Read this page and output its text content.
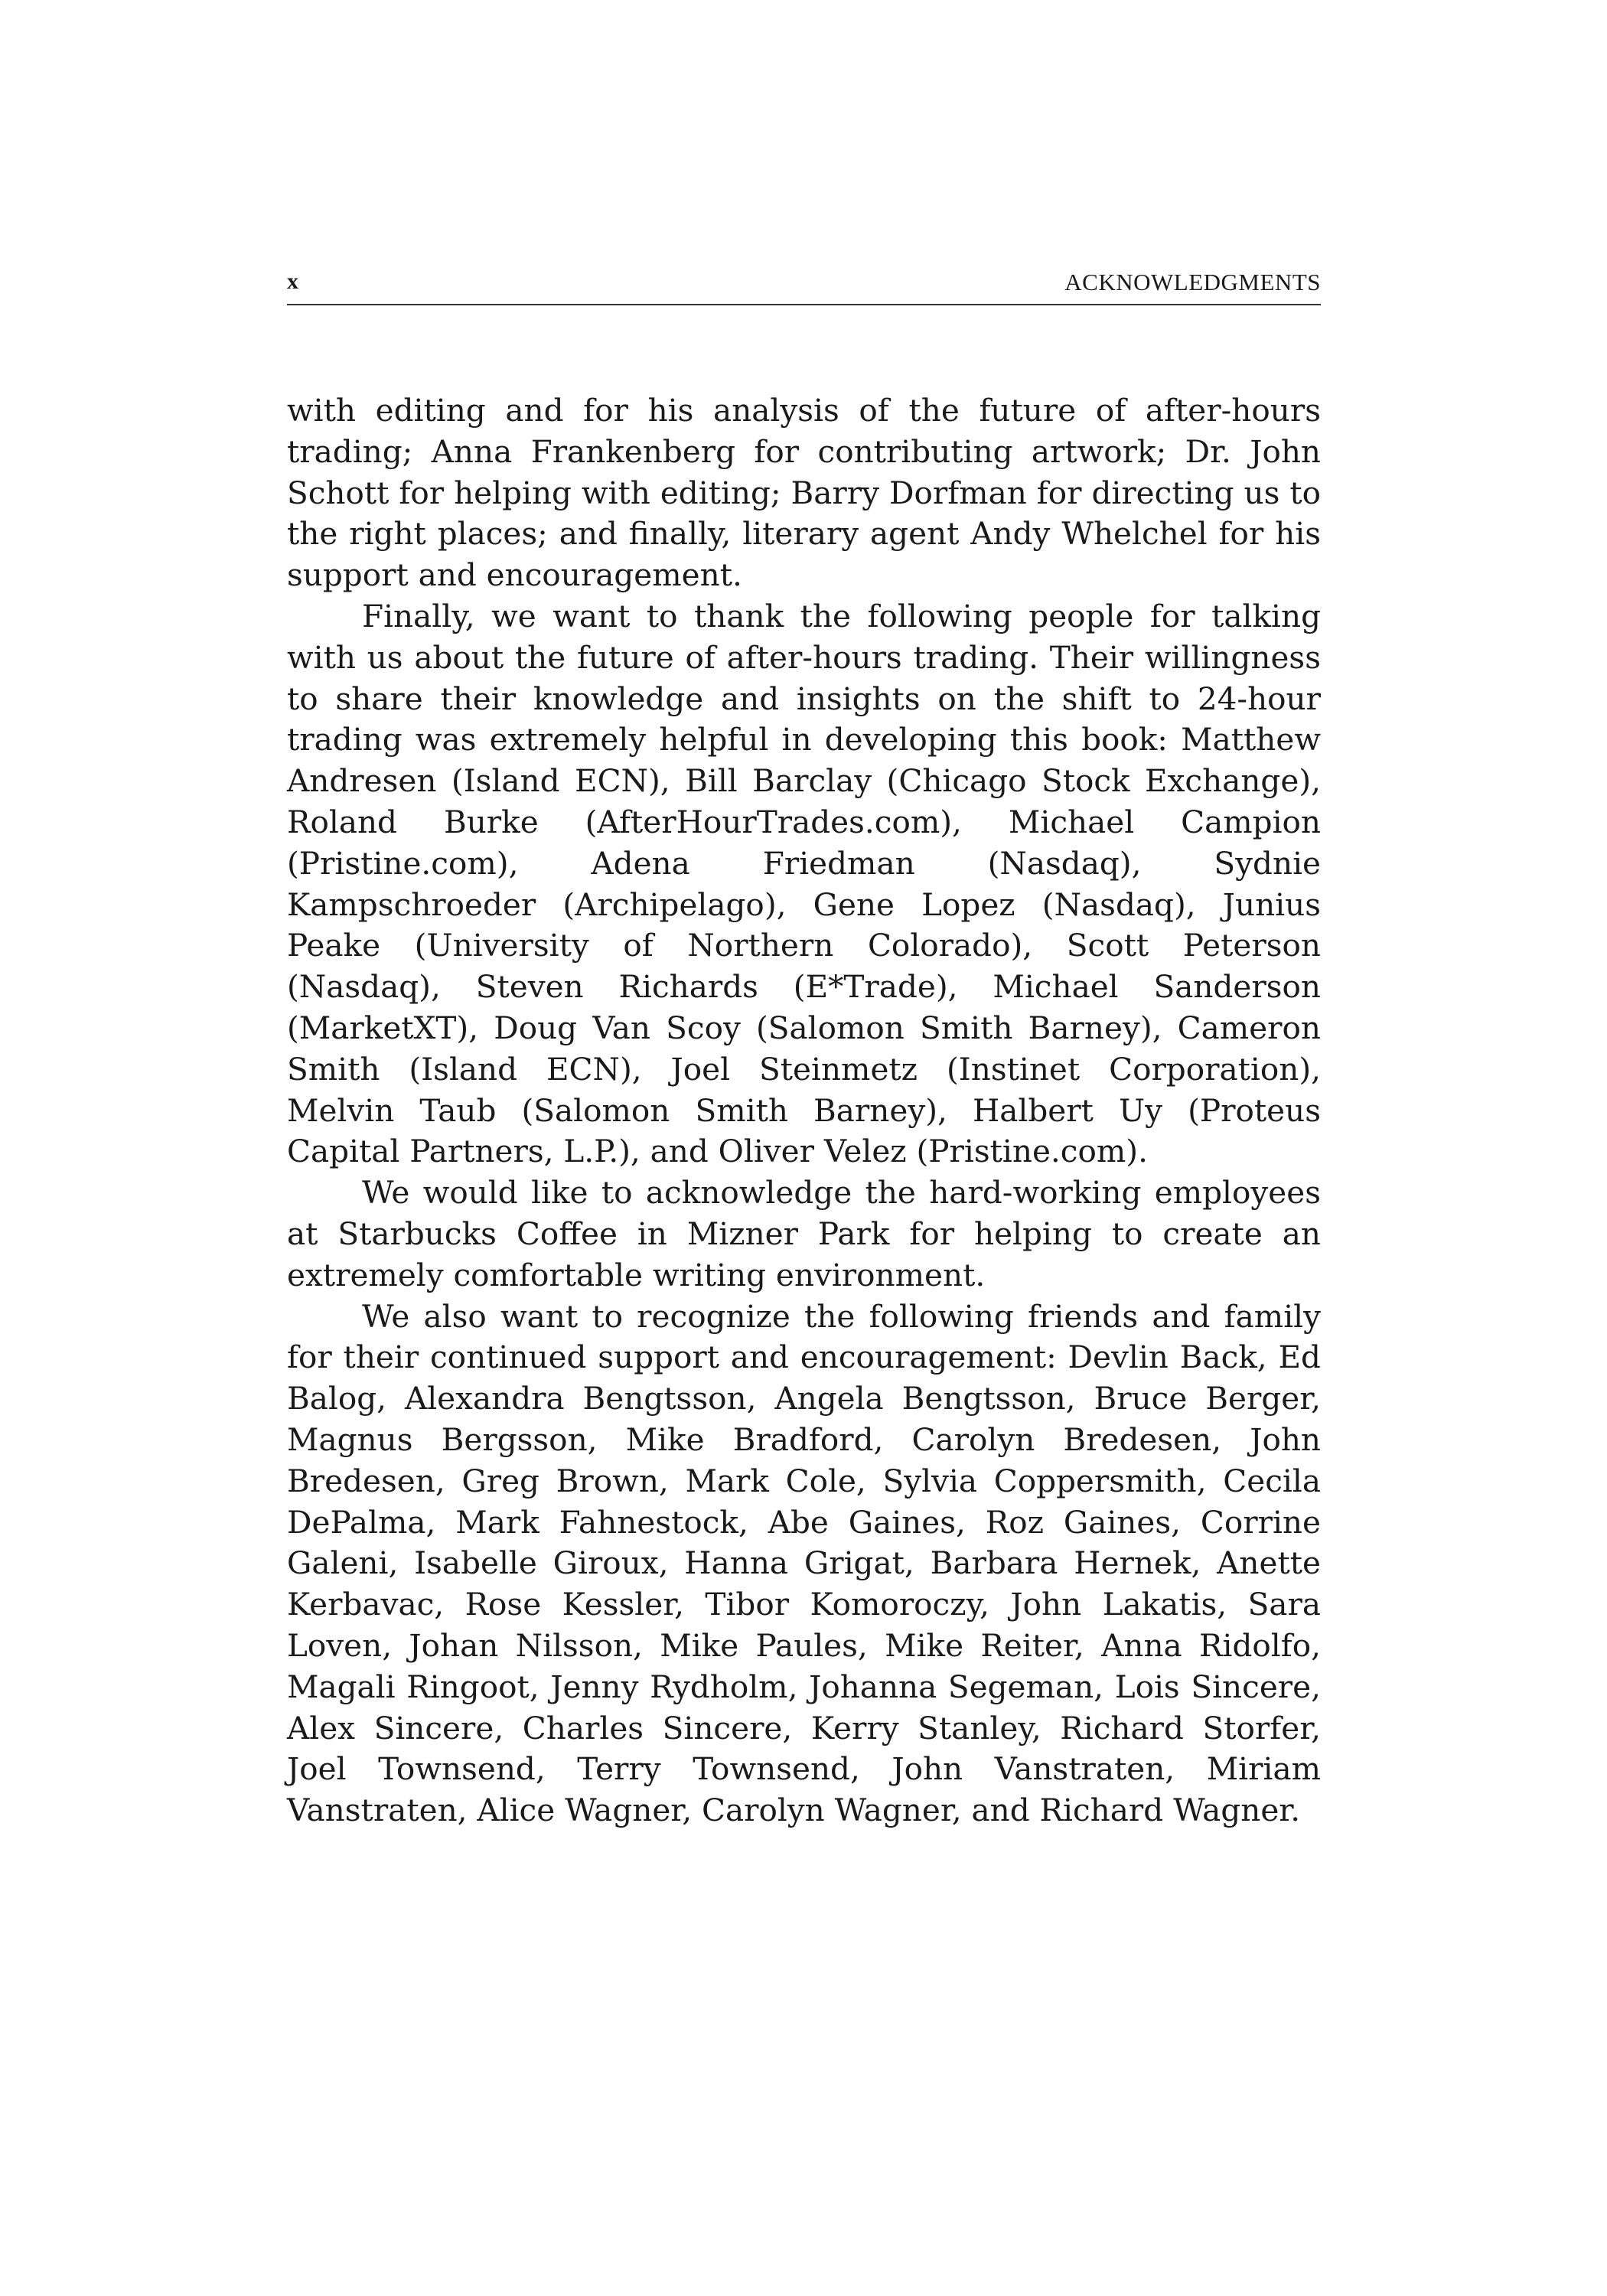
x	ACKNOWLEDGMENTS

with editing and for his analysis of the future of after-hours trading; Anna Frankenberg for contributing artwork; Dr. John Schott for helping with editing; Barry Dorfman for directing us to the right places; and finally, literary agent Andy Whelchel for his support and encouragement.

Finally, we want to thank the following people for talking with us about the future of after-hours trading. Their willingness to share their knowledge and insights on the shift to 24-hour trading was extremely helpful in developing this book: Matthew Andresen (Island ECN), Bill Barclay (Chicago Stock Exchange), Roland Burke (AfterHourTrades.com), Michael Campion (Pristine.com), Adena Friedman (Nasdaq), Sydnie Kampschroeder (Archipelago), Gene Lopez (Nasdaq), Junius Peake (University of Northern Colorado), Scott Peterson (Nasdaq), Steven Richards (E*Trade), Michael Sanderson (MarketXT), Doug Van Scoy (Salomon Smith Barney), Cameron Smith (Island ECN), Joel Steinmetz (Instinet Corporation), Melvin Taub (Salomon Smith Barney), Halbert Uy (Proteus Capital Partners, L.P.), and Oliver Velez (Pristine.com).

We would like to acknowledge the hard-working employees at Starbucks Coffee in Mizner Park for helping to create an extremely comfortable writing environment.

We also want to recognize the following friends and family for their continued support and encouragement: Devlin Back, Ed Balog, Alexandra Bengtsson, Angela Bengtsson, Bruce Berger, Magnus Bergsson, Mike Bradford, Carolyn Bredesen, John Bredesen, Greg Brown, Mark Cole, Sylvia Coppersmith, Cecila DePalma, Mark Fahnestock, Abe Gaines, Roz Gaines, Corrine Galeni, Isabelle Giroux, Hanna Grigat, Barbara Hernek, Anette Kerbavac, Rose Kessler, Tibor Komoroczy, John Lakatis, Sara Loven, Johan Nilsson, Mike Paules, Mike Reiter, Anna Ridolfo, Magali Ringoot, Jenny Rydholm, Johanna Segeman, Lois Sincere, Alex Sincere, Charles Sincere, Kerry Stanley, Richard Storfer, Joel Townsend, Terry Townsend, John Vanstraten, Miriam Vanstraten, Alice Wagner, Carolyn Wagner, and Richard Wagner.
